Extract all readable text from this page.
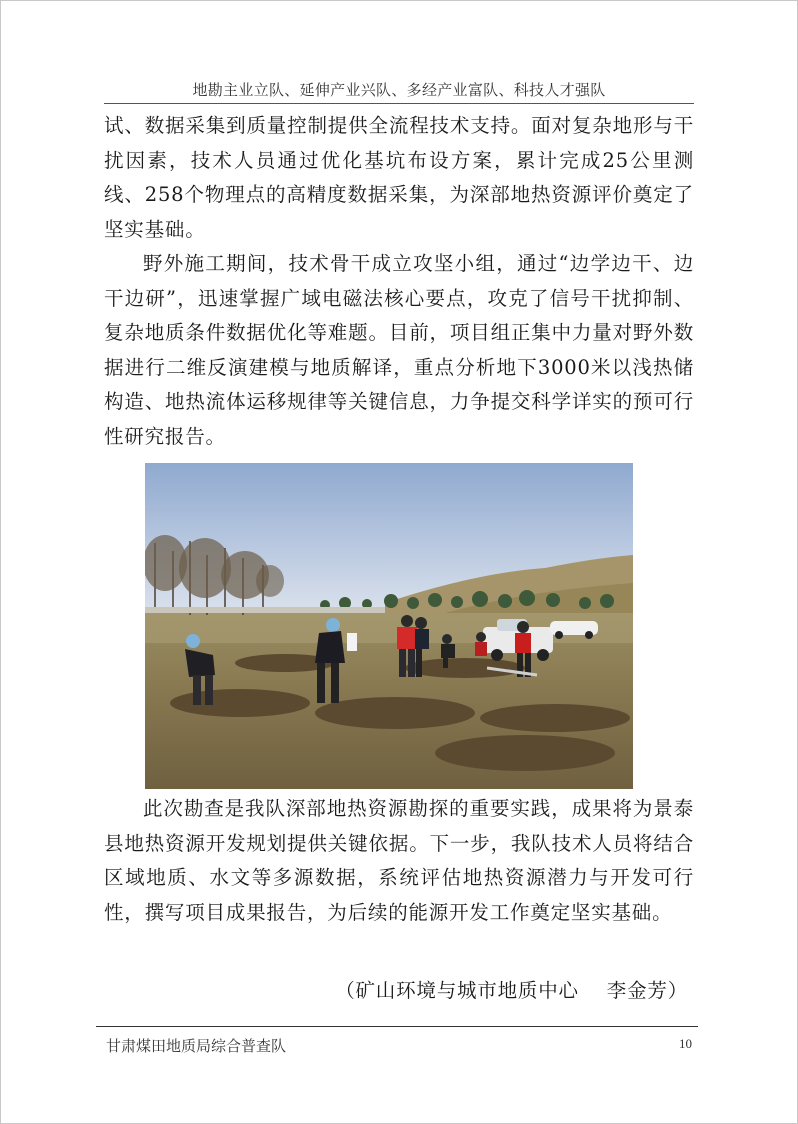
地勘主业立队、延伸产业兴队、多经产业富队、科技人才强队

试、数据采集到质量控制提供全流程技术支持。面对复杂地形与干扰因素，技术人员通过优化基坑布设方案，累计完成25公里测线、258个物理点的高精度数据采集，为深部地热资源评价奠定了坚实基础。

野外施工期间，技术骨干成立攻坚小组，通过“边学边干、边干边研”，迅速掌握广域电磁法核心要点，攻克了信号干扰抑制、复杂地质条件数据优化等难题。目前，项目组正集中力量对野外数据进行二维反演建模与地质解译，重点分析地下3000米以浅热储构造、地热流体运移规律等关键信息，力争提交科学详实的预可行性研究报告。

此次勘查是我队深部地热资源勘探的重要实践，成果将为景泰县地热资源开发规划提供关键依据。下一步，我队技术人员将结合区域地质、水文等多源数据，系统评估地热资源潜力与开发可行性，撰写项目成果报告，为后续的能源开发工作奠定坚实基础。

（矿山环境与城市地质中心    李金芳）
甘肃煤田地质局综合普查队	10
